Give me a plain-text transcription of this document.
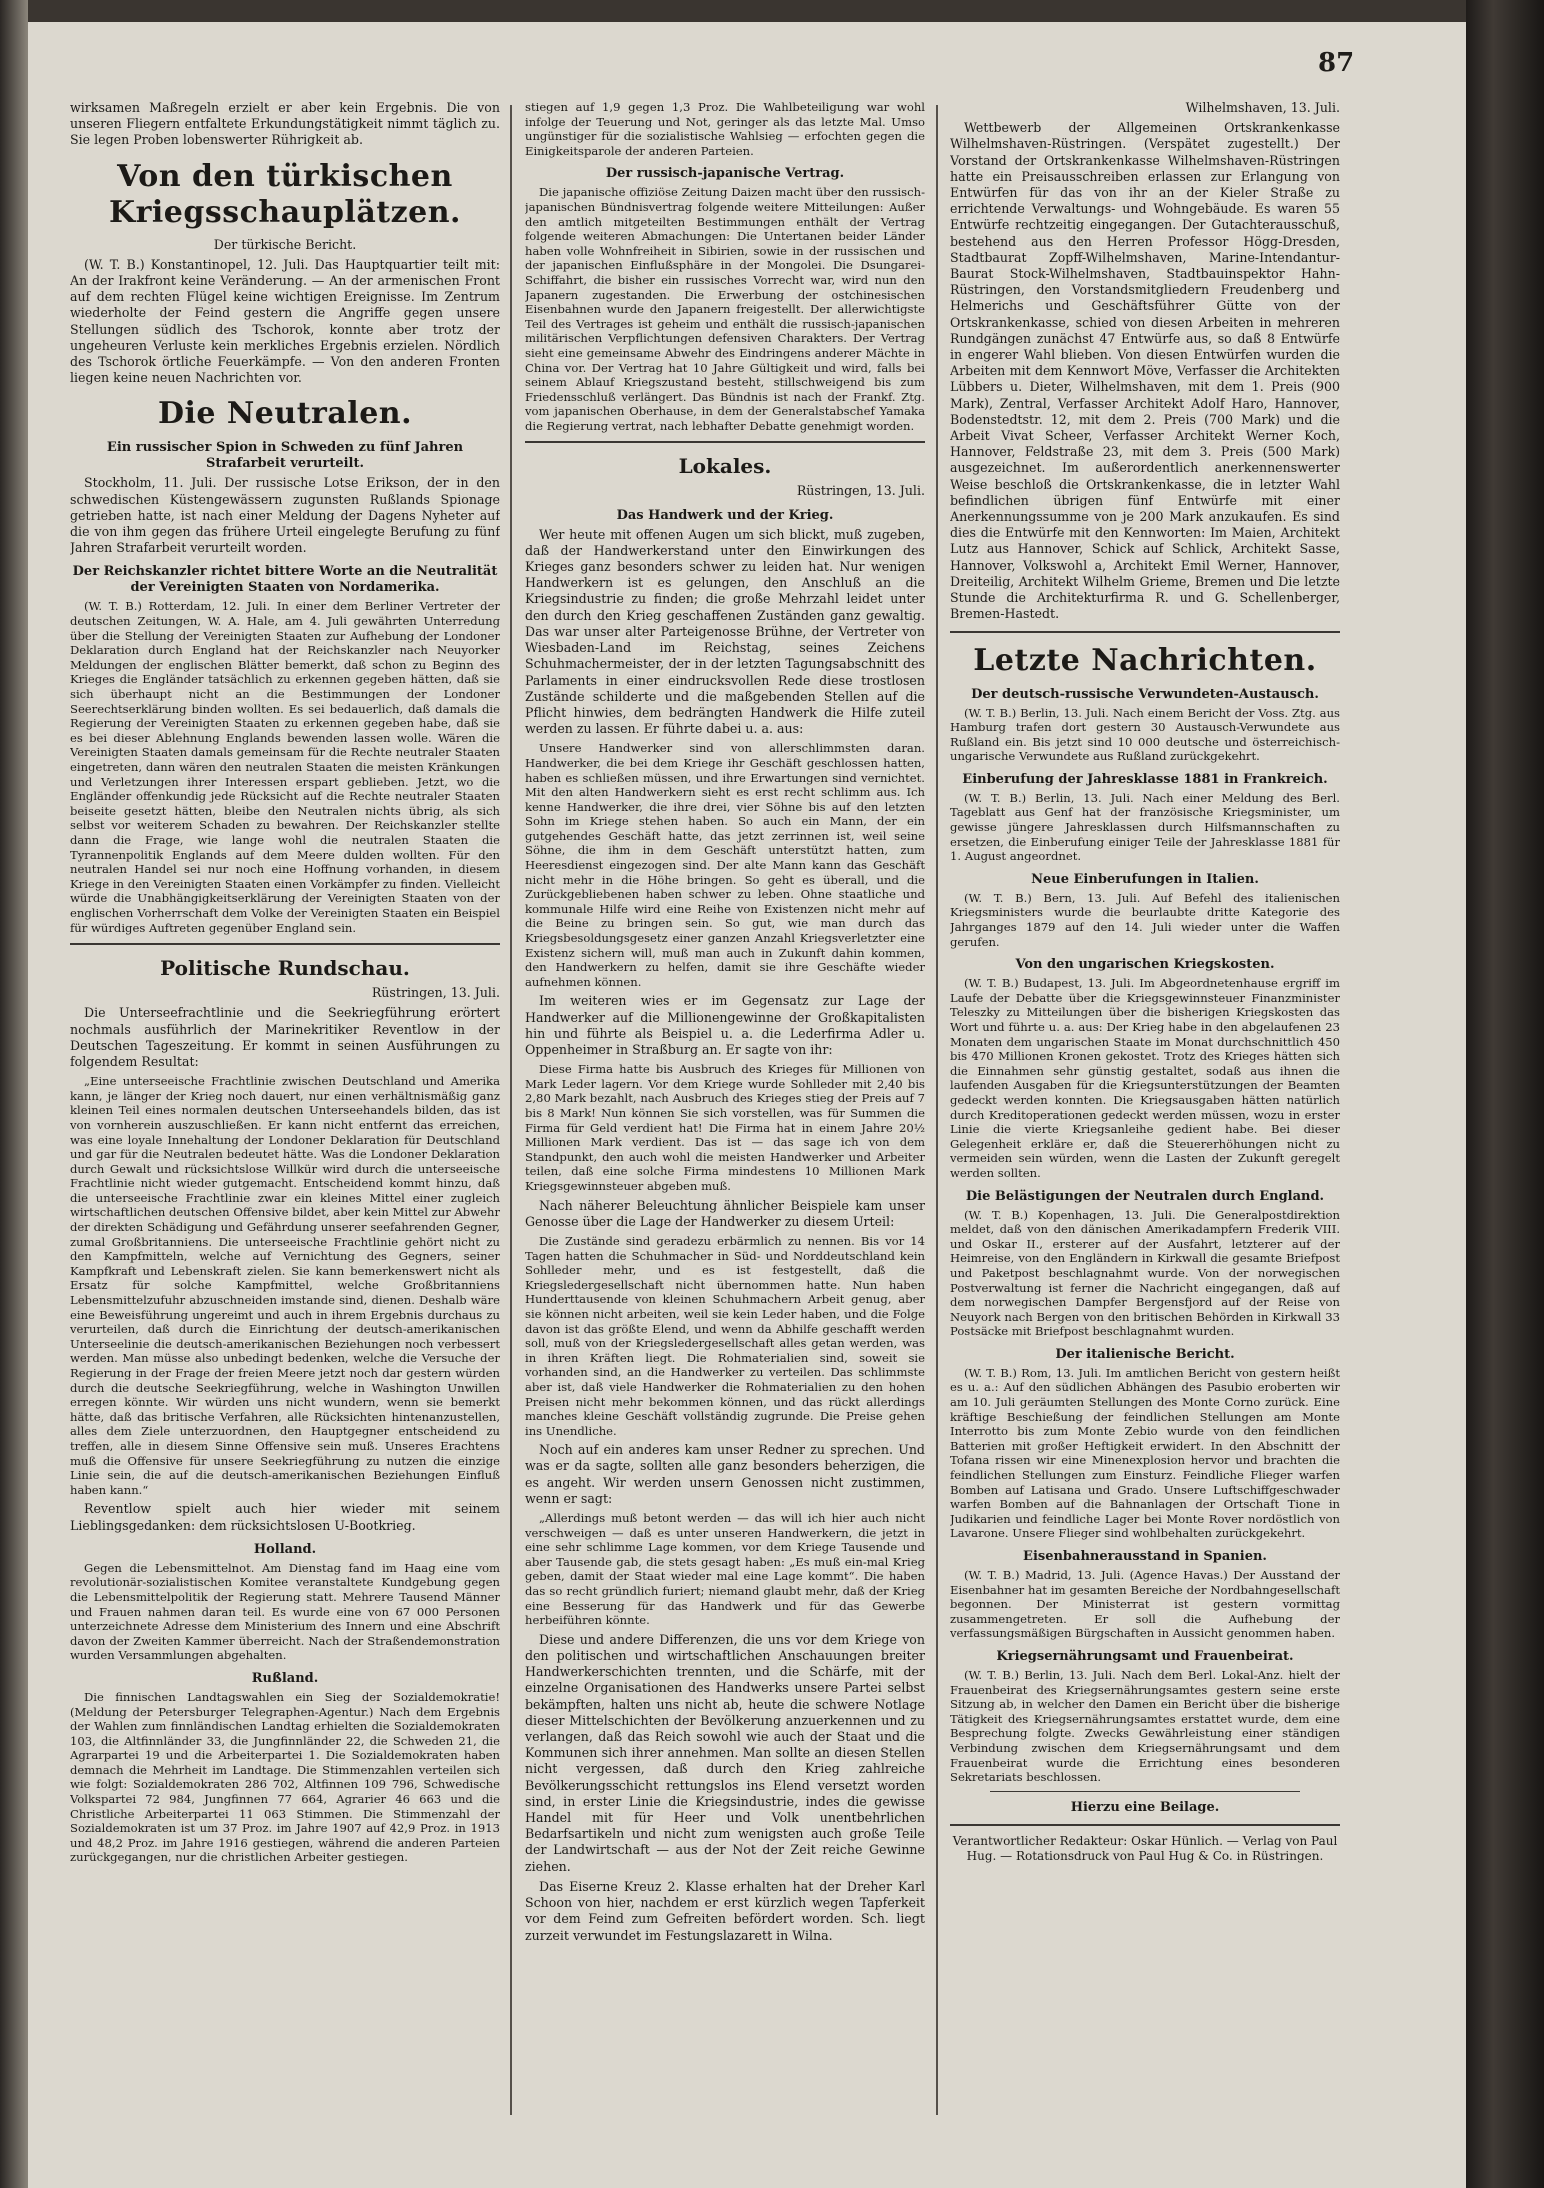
87

wirksamen Maßregeln erzielt er aber kein Ergebnis. Die von unseren Fliegern entfaltete Erkundungstätigkeit nimmt täglich zu. Sie legen Proben lobenswerter Rührigkeit ab.

Von den türkischen Kriegsschauplätzen.
Der türkische Bericht.

(W. T. B.) Konstantinopel, 12. Juli. Das Hauptquartier teilt mit: An der Irakfront keine Veränderung. — An der armenischen Front auf dem rechten Flügel keine wichtigen Ereignisse. Im Zentrum wiederholte der Feind gestern die Angriffe gegen unsere Stellungen südlich des Tschorok, konnte aber trotz der ungeheuren Verluste kein merkliches Ergebnis erzielen. Nördlich des Tschorok örtliche Feuerkämpfe. — Von den anderen Fronten liegen keine neuen Nachrichten vor.

Die Neutralen.
Ein russischer Spion in Schweden zu fünf Jahren Strafarbeit verurteilt.

Stockholm, 11. Juli. Der russische Lotse Erikson, der in den schwedischen Küstengewässern zugunsten Rußlands Spionage getrieben hatte, ist nach einer Meldung der Dagens Nyheter auf die von ihm gegen das frühere Urteil eingelegte Berufung zu fünf Jahren Strafarbeit verurteilt worden.

Der Reichskanzler richtet bittere Worte an die Neutralität der Vereinigten Staaten von Nordamerika.

(W. T. B.) Rotterdam, 12. Juli. In einer dem Berliner Vertreter der deutschen Zeitungen, W. A. Hale, am 4. Juli gewährten Unterredung über die Stellung der Vereinigten Staaten zur Aufhebung der Londoner Deklaration durch England hat der Reichskanzler nach Neuyorker Meldungen der englischen Blätter bemerkt, daß schon zu Beginn des Krieges die Engländer tatsächlich zu erkennen gegeben hätten, daß sie sich überhaupt nicht an die Bestimmungen der Londoner Seerechtserklärung binden wollten. Es sei bedauerlich, daß damals die Regierung der Vereinigten Staaten zu erkennen gegeben habe, daß sie es bei dieser Ablehnung Englands bewenden lassen wolle. Wären die Vereinigten Staaten damals gemeinsam für die Rechte neutraler Staaten eingetreten, dann wären den neutralen Staaten die meisten Kränkungen und Verletzungen ihrer Interessen erspart geblieben. Jetzt, wo die Engländer offenkundig jede Rücksicht auf die Rechte neutraler Staaten beiseite gesetzt hätten, bleibe den Neutralen nichts übrig, als sich selbst vor weiterem Schaden zu bewahren. Der Reichskanzler stellte dann die Frage, wie lange wohl die neutralen Staaten die Tyrannenpolitik Englands auf dem Meere dulden wollten. Für den neutralen Handel sei nur noch eine Hoffnung vorhanden, in diesem Kriege in den Vereinigten Staaten einen Vorkämpfer zu finden. Vielleicht würde die Unabhängigkeitserklärung der Vereinigten Staaten von der englischen Vorherrschaft dem Volke der Vereinigten Staaten ein Beispiel für würdiges Auftreten gegenüber England sein.

Politische Rundschau.
Rüstringen, 13. Juli.

Die Unterseefrachtlinie und die Seekriegführung erörtert nochmals ausführlich der Marinekritiker Reventlow in der Deutschen Tageszeitung. Er kommt in seinen Ausführungen zu folgendem Resultat:

„Eine unterseeische Frachtlinie zwischen Deutschland und Amerika kann, je länger der Krieg noch dauert, nur einen verhältnismäßig ganz kleinen Teil eines normalen deutschen Unterseehandels bilden, das ist von vornherein auszuschließen. Er kann nicht entfernt das erreichen, was eine loyale Innehaltung der Londoner Deklaration für Deutschland und gar für die Neutralen bedeutet hätte. Was die Londoner Deklaration durch Gewalt und rücksichtslose Willkür wird durch die unterseeische Frachtlinie nicht wieder gutgemacht. Entscheidend kommt hinzu, daß die unterseeische Frachtlinie zwar ein kleines Mittel einer zugleich wirtschaftlichen deutschen Offensive bildet, aber kein Mittel zur Abwehr der direkten Schädigung und Gefährdung unserer seefahrenden Gegner, zumal Großbritanniens. Die unterseeische Frachtlinie gehört nicht zu den Kampfmitteln, welche auf Vernichtung des Gegners, seiner Kampfkraft und Lebenskraft zielen. Sie kann bemerkenswert nicht als Ersatz für solche Kampfmittel, welche Großbritanniens Lebensmittelzufuhr abzuschneiden imstande sind, dienen. Deshalb wäre eine Beweisführung ungereimt und auch in ihrem Ergebnis durchaus zu verurteilen, daß durch die Einrichtung der deutsch-amerikanischen Unterseelinie die deutsch-amerikanischen Beziehungen noch verbessert werden. Man müsse also unbedingt bedenken, welche die Versuche der Regierung in der Frage der freien Meere jetzt noch dar gestern würden durch die deutsche Seekriegführung, welche in Washington Unwillen erregen könnte. Wir würden uns nicht wundern, wenn sie bemerkt hätte, daß das britische Verfahren, alle Rücksichten hintenanzustellen, alles dem Ziele unterzuordnen, den Hauptgegner entscheidend zu treffen, alle in diesem Sinne Offensive sein muß. Unseres Erachtens muß die Offensive für unsere Seekriegführung zu nutzen die einzige Linie sein, die auf die deutsch-amerikanischen Beziehungen Einfluß haben kann.“

Reventlow spielt auch hier wieder mit seinem Lieblingsgedanken: dem rücksichtslosen U-Bootkrieg.

Holland.

Gegen die Lebensmittelnot. Am Dienstag fand im Haag eine vom revolutionär-sozialistischen Komitee veranstaltete Kundgebung gegen die Lebensmittelpolitik der Regierung statt. Mehrere Tausend Männer und Frauen nahmen daran teil. Es wurde eine von 67 000 Personen unterzeichnete Adresse dem Ministerium des Innern und eine Abschrift davon der Zweiten Kammer überreicht. Nach der Straßendemonstration wurden Versammlungen abgehalten.

Rußland.

Die finnischen Landtagswahlen ein Sieg der Sozialdemokratie! (Meldung der Petersburger Telegraphen-Agentur.) Nach dem Ergebnis der Wahlen zum finnländischen Landtag erhielten die Sozialdemokraten 103, die Altfinnländer 33, die Jungfinnländer 22, die Schweden 21, die Agrarpartei 19 und die Arbeiterpartei 1. Die Sozialdemokraten haben demnach die Mehrheit im Landtage. Die Stimmenzahlen verteilen sich wie folgt: Sozialdemokraten 286 702, Altfinnen 109 796, Schwedische Volkspartei 72 984, Jungfinnen 77 664, Agrarier 46 663 und die Christliche Arbeiterpartei 11 063 Stimmen. Die Stimmenzahl der Sozialdemokraten ist um 37 Proz. im Jahre 1907 auf 42,9 Proz. in 1913 und 48,2 Proz. im Jahre 1916 gestiegen, während die anderen Parteien zurückgegangen, nur die christlichen Arbeiter gestiegen.

stiegen auf 1,9 gegen 1,3 Proz. Die Wahlbeteiligung war wohl infolge der Teuerung und Not, geringer als das letzte Mal. Umso ungünstiger für die sozialistische Wahlsieg — erfochten gegen die Einigkeitsparole der anderen Parteien.

Der russisch-japanische Vertrag.

Die japanische offiziöse Zeitung Daizen macht über den russisch-japanischen Bündnisvertrag folgende weitere Mitteilungen: Außer den amtlich mitgeteilten Bestimmungen enthält der Vertrag folgende weiteren Abmachungen: Die Untertanen beider Länder haben volle Wohnfreiheit in Sibirien, sowie in der russischen und der japanischen Einflußsphäre in der Mongolei. Die Dsungarei-Schiffahrt, die bisher ein russisches Vorrecht war, wird nun den Japanern zugestanden. Die Erwerbung der ostchinesischen Eisenbahnen wurde den Japanern freigestellt. Der allerwichtigste Teil des Vertrages ist geheim und enthält die russisch-japanischen militärischen Verpflichtungen defensiven Charakters. Der Vertrag sieht eine gemeinsame Abwehr des Eindringens anderer Mächte in China vor. Der Vertrag hat 10 Jahre Gültigkeit und wird, falls bei seinem Ablauf Kriegszustand besteht, stillschweigend bis zum Friedensschluß verlängert. Das Bündnis ist nach der Frankf. Ztg. vom japanischen Oberhause, in dem der Generalstabschef Yamaka die Regierung vertrat, nach lebhafter Debatte genehmigt worden.

Lokales.
Rüstringen, 13. Juli.
Das Handwerk und der Krieg.

Wer heute mit offenen Augen um sich blickt, muß zugeben, daß der Handwerkerstand unter den Einwirkungen des Krieges ganz besonders schwer zu leiden hat. Nur wenigen Handwerkern ist es gelungen, den Anschluß an die Kriegsindustrie zu finden; die große Mehrzahl leidet unter den durch den Krieg geschaffenen Zuständen ganz gewaltig. Das war unser alter Parteigenosse Brühne, der Vertreter von Wiesbaden-Land im Reichstag, seines Zeichens Schuhmachermeister, der in der letzten Tagungsabschnitt des Parlaments in einer eindrucksvollen Rede diese trostlosen Zustände schilderte und die maßgebenden Stellen auf die Pflicht hinwies, dem bedrängten Handwerk die Hilfe zuteil werden zu lassen. Er führte dabei u. a. aus:

Unsere Handwerker sind von allerschlimmsten daran. Handwerker, die bei dem Kriege ihr Geschäft geschlossen hatten, haben es schließen müssen, und ihre Erwartungen sind vernichtet. Mit den alten Handwerkern sieht es erst recht schlimm aus. Ich kenne Handwerker, die ihre drei, vier Söhne bis auf den letzten Sohn im Kriege stehen haben. So auch ein Mann, der ein gutgehendes Geschäft hatte, das jetzt zerrinnen ist, weil seine Söhne, die ihm in dem Geschäft unterstützt hatten, zum Heeresdienst eingezogen sind. Der alte Mann kann das Geschäft nicht mehr in die Höhe bringen. So geht es überall, und die Zurückgebliebenen haben schwer zu leben. Ohne staatliche und kommunale Hilfe wird eine Reihe von Existenzen nicht mehr auf die Beine zu bringen sein. So gut, wie man durch das Kriegsbesoldungsgesetz einer ganzen Anzahl Kriegsverletzter eine Existenz sichern will, muß man auch in Zukunft dahin kommen, den Handwerkern zu helfen, damit sie ihre Geschäfte wieder aufnehmen können.

Im weiteren wies er im Gegensatz zur Lage der Handwerker auf die Millionengewinne der Großkapitalisten hin und führte als Beispiel u. a. die Lederfirma Adler u. Oppenheimer in Straßburg an. Er sagte von ihr:

Diese Firma hatte bis Ausbruch des Krieges für Millionen von Mark Leder lagern. Vor dem Kriege wurde Sohlleder mit 2,40 bis 2,80 Mark bezahlt, nach Ausbruch des Krieges stieg der Preis auf 7 bis 8 Mark! Nun können Sie sich vorstellen, was für Summen die Firma für Geld verdient hat! Die Firma hat in einem Jahre 20½ Millionen Mark verdient. Das ist — das sage ich von dem Standpunkt, den auch wohl die meisten Handwerker und Arbeiter teilen, daß eine solche Firma mindestens 10 Millionen Mark Kriegsgewinnsteuer abgeben muß.

Nach näherer Beleuchtung ähnlicher Beispiele kam unser Genosse über die Lage der Handwerker zu diesem Urteil:

Die Zustände sind geradezu erbärmlich zu nennen. Bis vor 14 Tagen hatten die Schuhmacher in Süd- und Norddeutschland kein Sohlleder mehr, und es ist festgestellt, daß die Kriegsledergesellschaft nicht übernommen hatte. Nun haben Hunderttausende von kleinen Schuhmachern Arbeit genug, aber sie können nicht arbeiten, weil sie kein Leder haben, und die Folge davon ist das größte Elend, und wenn da Abhilfe geschafft werden soll, muß von der Kriegsledergesellschaft alles getan werden, was in ihren Kräften liegt. Die Rohmaterialien sind, soweit sie vorhanden sind, an die Handwerker zu verteilen. Das schlimmste aber ist, daß viele Handwerker die Rohmaterialien zu den hohen Preisen nicht mehr bekommen können, und das rückt allerdings manches kleine Geschäft vollständig zugrunde. Die Preise gehen ins Unendliche.

Noch auf ein anderes kam unser Redner zu sprechen. Und was er da sagte, sollten alle ganz besonders beherzigen, die es angeht. Wir werden unsern Genossen nicht zustimmen, wenn er sagt:

„Allerdings muß betont werden — das will ich hier auch nicht verschweigen — daß es unter unseren Handwerkern, die jetzt in eine sehr schlimme Lage kommen, vor dem Kriege Tausende und aber Tausende gab, die stets gesagt haben: „Es muß ein-mal Krieg geben, damit der Staat wieder mal eine Lage kommt“. Die haben das so recht gründlich furiert; niemand glaubt mehr, daß der Krieg eine Besserung für das Handwerk und für das Gewerbe herbeiführen könnte.

Diese und andere Differenzen, die uns vor dem Kriege von den politischen und wirtschaftlichen Anschauungen breiter Handwerkerschichten trennten, und die Schärfe, mit der einzelne Organisationen des Handwerks unsere Partei selbst bekämpften, halten uns nicht ab, heute die schwere Notlage dieser Mittelschichten der Bevölkerung anzuerkennen und zu verlangen, daß das Reich sowohl wie auch der Staat und die Kommunen sich ihrer annehmen. Man sollte an diesen Stellen nicht vergessen, daß durch den Krieg zahlreiche Bevölkerungsschicht rettungslos ins Elend versetzt worden sind, in erster Linie die Kriegsindustrie, indes die gewisse Handel mit für Heer und Volk unentbehrlichen Bedarfsartikeln und nicht zum wenigsten auch große Teile der Landwirtschaft — aus der Not der Zeit reiche Gewinne ziehen.

Das Eiserne Kreuz 2. Klasse erhalten hat der Dreher Karl Schoon von hier, nachdem er erst kürzlich wegen Tapferkeit vor dem Feind zum Gefreiten befördert worden. Sch. liegt zurzeit verwundet im Festungslazarett in Wilna.

Wilhelmshaven, 13. Juli.

Wettbewerb der Allgemeinen Ortskrankenkasse Wilhelmshaven-Rüstringen. (Verspätet zugestellt.) Der Vorstand der Ortskrankenkasse Wilhelmshaven-Rüstringen hatte ein Preisausschreiben erlassen zur Erlangung von Entwürfen für das von ihr an der Kieler Straße zu errichtende Verwaltungs- und Wohngebäude. Es waren 55 Entwürfe rechtzeitig eingegangen. Der Gutachterausschuß, bestehend aus den Herren Professor Högg-Dresden, Stadtbaurat Zopff-Wilhelmshaven, Marine-Intendantur-Baurat Stock-Wilhelmshaven, Stadtbauinspektor Hahn-Rüstringen, den Vorstandsmitgliedern Freudenberg und Helmerichs und Geschäftsführer Gütte von der Ortskrankenkasse, schied von diesen Arbeiten in mehreren Rundgängen zunächst 47 Entwürfe aus, so daß 8 Entwürfe in engerer Wahl blieben. Von diesen Entwürfen wurden die Arbeiten mit dem Kennwort Möve, Verfasser die Architekten Lübbers u. Dieter, Wilhelmshaven, mit dem 1. Preis (900 Mark), Zentral, Verfasser Architekt Adolf Haro, Hannover, Bodenstedtstr. 12, mit dem 2. Preis (700 Mark) und die Arbeit Vivat Scheer, Verfasser Architekt Werner Koch, Hannover, Feldstraße 23, mit dem 3. Preis (500 Mark) ausgezeichnet. Im außerordentlich anerkennenswerter Weise beschloß die Ortskrankenkasse, die in letzter Wahl befindlichen übrigen fünf Entwürfe mit einer Anerkennungssumme von je 200 Mark anzukaufen. Es sind dies die Entwürfe mit den Kennworten: Im Maien, Architekt Lutz aus Hannover, Schick auf Schlick, Architekt Sasse, Hannover, Volkswohl a, Architekt Emil Werner, Hannover, Dreiteilig, Architekt Wilhelm Grieme, Bremen und Die letzte Stunde die Architekturfirma R. und G. Schellenberger, Bremen-Hastedt.

Letzte Nachrichten.
Der deutsch-russische Verwundeten-Austausch.

(W. T. B.) Berlin, 13. Juli. Nach einem Bericht der Voss. Ztg. aus Hamburg trafen dort gestern 30 Austausch-Verwundete aus Rußland ein. Bis jetzt sind 10 000 deutsche und österreichisch-ungarische Verwundete aus Rußland zurückgekehrt.

Einberufung der Jahresklasse 1881 in Frankreich.

(W. T. B.) Berlin, 13. Juli. Nach einer Meldung des Berl. Tageblatt aus Genf hat der französische Kriegsminister, um gewisse jüngere Jahresklassen durch Hilfsmannschaften zu ersetzen, die Einberufung einiger Teile der Jahresklasse 1881 für 1. August angeordnet.

Neue Einberufungen in Italien.

(W. T. B.) Bern, 13. Juli. Auf Befehl des italienischen Kriegsministers wurde die beurlaubte dritte Kategorie des Jahrganges 1879 auf den 14. Juli wieder unter die Waffen gerufen.

Von den ungarischen Kriegskosten.

(W. T. B.) Budapest, 13. Juli. Im Abgeordnetenhause ergriff im Laufe der Debatte über die Kriegsgewinnsteuer Finanzminister Teleszky zu Mitteilungen über die bisherigen Kriegskosten das Wort und führte u. a. aus: Der Krieg habe in den abgelaufenen 23 Monaten dem ungarischen Staate im Monat durchschnittlich 450 bis 470 Millionen Kronen gekostet. Trotz des Krieges hätten sich die Einnahmen sehr günstig gestaltet, sodaß aus ihnen die laufenden Ausgaben für die Kriegsunterstützungen der Beamten gedeckt werden konnten. Die Kriegsausgaben hätten natürlich durch Kreditoperationen gedeckt werden müssen, wozu in erster Linie die vierte Kriegsanleihe gedient habe. Bei dieser Gelegenheit erkläre er, daß die Steuererhöhungen nicht zu vermeiden sein würden, wenn die Lasten der Zukunft geregelt werden sollten.

Die Belästigungen der Neutralen durch England.

(W. T. B.) Kopenhagen, 13. Juli. Die Generalpostdirektion meldet, daß von den dänischen Amerikadampfern Frederik VIII. und Oskar II., ersterer auf der Ausfahrt, letzterer auf der Heimreise, von den Engländern in Kirkwall die gesamte Briefpost und Paketpost beschlagnahmt wurde. Von der norwegischen Postverwaltung ist ferner die Nachricht eingegangen, daß auf dem norwegischen Dampfer Bergensfjord auf der Reise von Neuyork nach Bergen von den britischen Behörden in Kirkwall 33 Postsäcke mit Briefpost beschlagnahmt wurden.

Der italienische Bericht.

(W. T. B.) Rom, 13. Juli. Im amtlichen Bericht von gestern heißt es u. a.: Auf den südlichen Abhängen des Pasubio eroberten wir am 10. Juli geräumten Stellungen des Monte Corno zurück. Eine kräftige Beschießung der feindlichen Stellungen am Monte Interrotto bis zum Monte Zebio wurde von den feindlichen Batterien mit großer Heftigkeit erwidert. In den Abschnitt der Tofana rissen wir eine Minenexplosion hervor und brachten die feindlichen Stellungen zum Einsturz. Feindliche Flieger warfen Bomben auf Latisana und Grado. Unsere Luftschiffgeschwader warfen Bomben auf die Bahnanlagen der Ortschaft Tione in Judikarien und feindliche Lager bei Monte Rover nordöstlich von Lavarone. Unsere Flieger sind wohlbehalten zurückgekehrt.

Eisenbahnerausstand in Spanien.

(W. T. B.) Madrid, 13. Juli. (Agence Havas.) Der Ausstand der Eisenbahner hat im gesamten Bereiche der Nordbahngesellschaft begonnen. Der Ministerrat ist gestern vormittag zusammengetreten. Er soll die Aufhebung der verfassungsmäßigen Bürgschaften in Aussicht genommen haben.

Kriegsernährungsamt und Frauenbeirat.

(W. T. B.) Berlin, 13. Juli. Nach dem Berl. Lokal-Anz. hielt der Frauenbeirat des Kriegsernährungsamtes gestern seine erste Sitzung ab, in welcher den Damen ein Bericht über die bisherige Tätigkeit des Kriegsernährungsamtes erstattet wurde, dem eine Besprechung folgte. Zwecks Gewährleistung einer ständigen Verbindung zwischen dem Kriegsernährungsamt und dem Frauenbeirat wurde die Errichtung eines besonderen Sekretariats beschlossen.

Hierzu eine Beilage.
Verantwortlicher Redakteur: Oskar Hünlich. — Verlag von Paul Hug. — Rotationsdruck von Paul Hug & Co. in Rüstringen.
